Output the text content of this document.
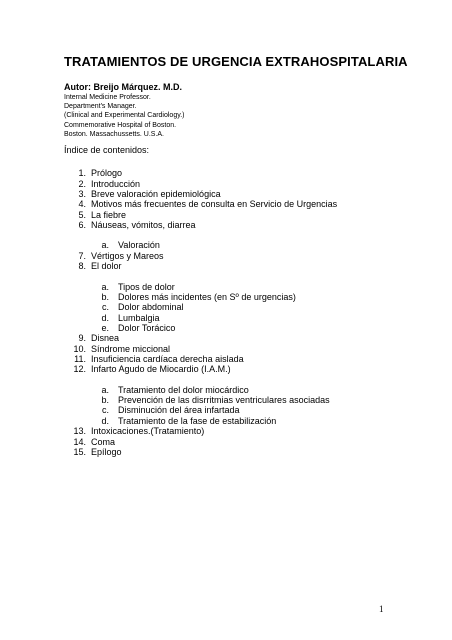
TRATAMIENTOS DE URGENCIA EXTRAHOSPITALARIA
Autor: Breijo Márquez. M.D.
Internal Medicine Professor.
Department's Manager.
(Clinical and Experimental Cardiology.)
Commemorative Hospital of Boston.
Boston. Massachussetts. U.S.A.
Índice de contenidos:
1. Prólogo
2. Introducción
3. Breve valoración epidemiológica
4. Motivos más frecuentes de consulta en Servicio de Urgencias
5. La fiebre
6. Náuseas, vómitos, diarrea
a. Valoración
7. Vértigos y Mareos
8. El dolor
a. Tipos de dolor
b. Dolores más incidentes (en Sº de urgencias)
c. Dolor abdominal
d. Lumbalgia
e. Dolor Torácico
9. Disnea
10. Síndrome miccional
11. Insuficiencia cardíaca derecha aislada
12. Infarto Agudo de Miocardio (I.A.M.)
a. Tratamiento del dolor miocárdico
b. Prevención de las disrritmias ventriculares asociadas
c. Disminución del área infartada
d. Tratamiento de la fase de estabilización
13. Intoxicaciones.(Tratamiento)
14. Coma
15. Epílogo
1
